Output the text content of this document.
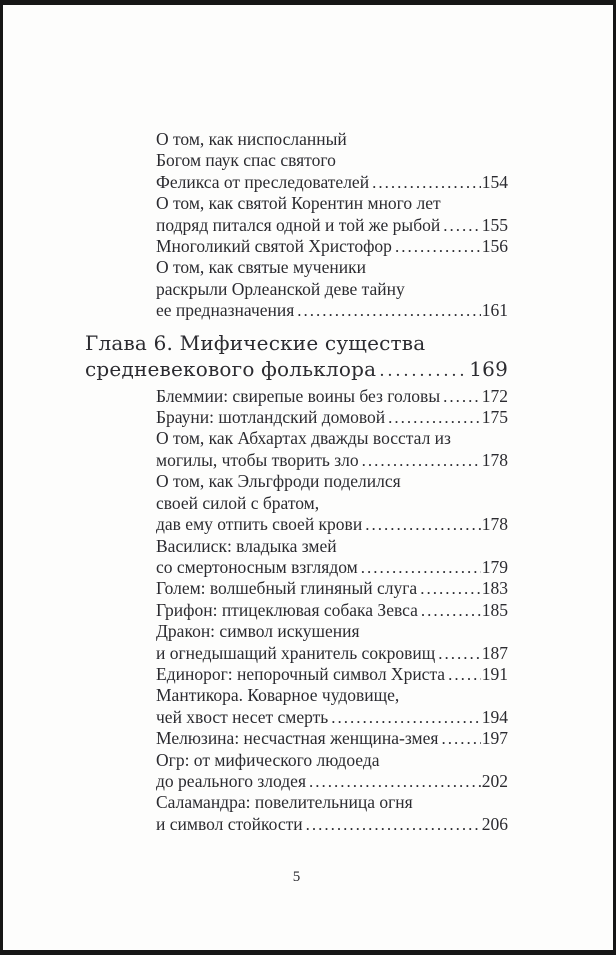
О том, как ниспосланный
Богом паук спас святого
Феликса от преследователей .....	154
О том, как святой Корентин много лет
подряд питался одной и той же рыбой ..... 155
Многоликий святой Христофор .....	156
О том, как святые мученики
раскрыли Орлеанской деве тайну
ее предназначения .....	161
Глава 6. Мифические существа
средневекового фольклора .....	169
Блеммии: свирепые воины без головы ..... 172
Брауни: шотландский домовой .....	175
О том, как Абхартах дважды восстал из
могилы, чтобы творить зло .....	178
О том, как Эльгфроди поделился
своей силой с братом,
дав ему отпить своей крови .....	178
Василиск: владыка змей
со смертоносным взглядом .....	179
Голем: волшебный глиняный слуга .....	183
Грифон: птицеклювая собака Зевса .....	185
Дракон: символ искушения
и огнедышащий хранитель сокровищ .....	187
Единорог: непорочный символ Христа ..... 191
Мантикора. Коварное чудовище,
чей хвост несет смерть .....	194
Мелюзина: несчастная женщина-змея ..... 197
Огр: от мифического людоеда
до реального злодея .....	202
Саламандра: повелительница огня
и символ стойкости .....	206
5
